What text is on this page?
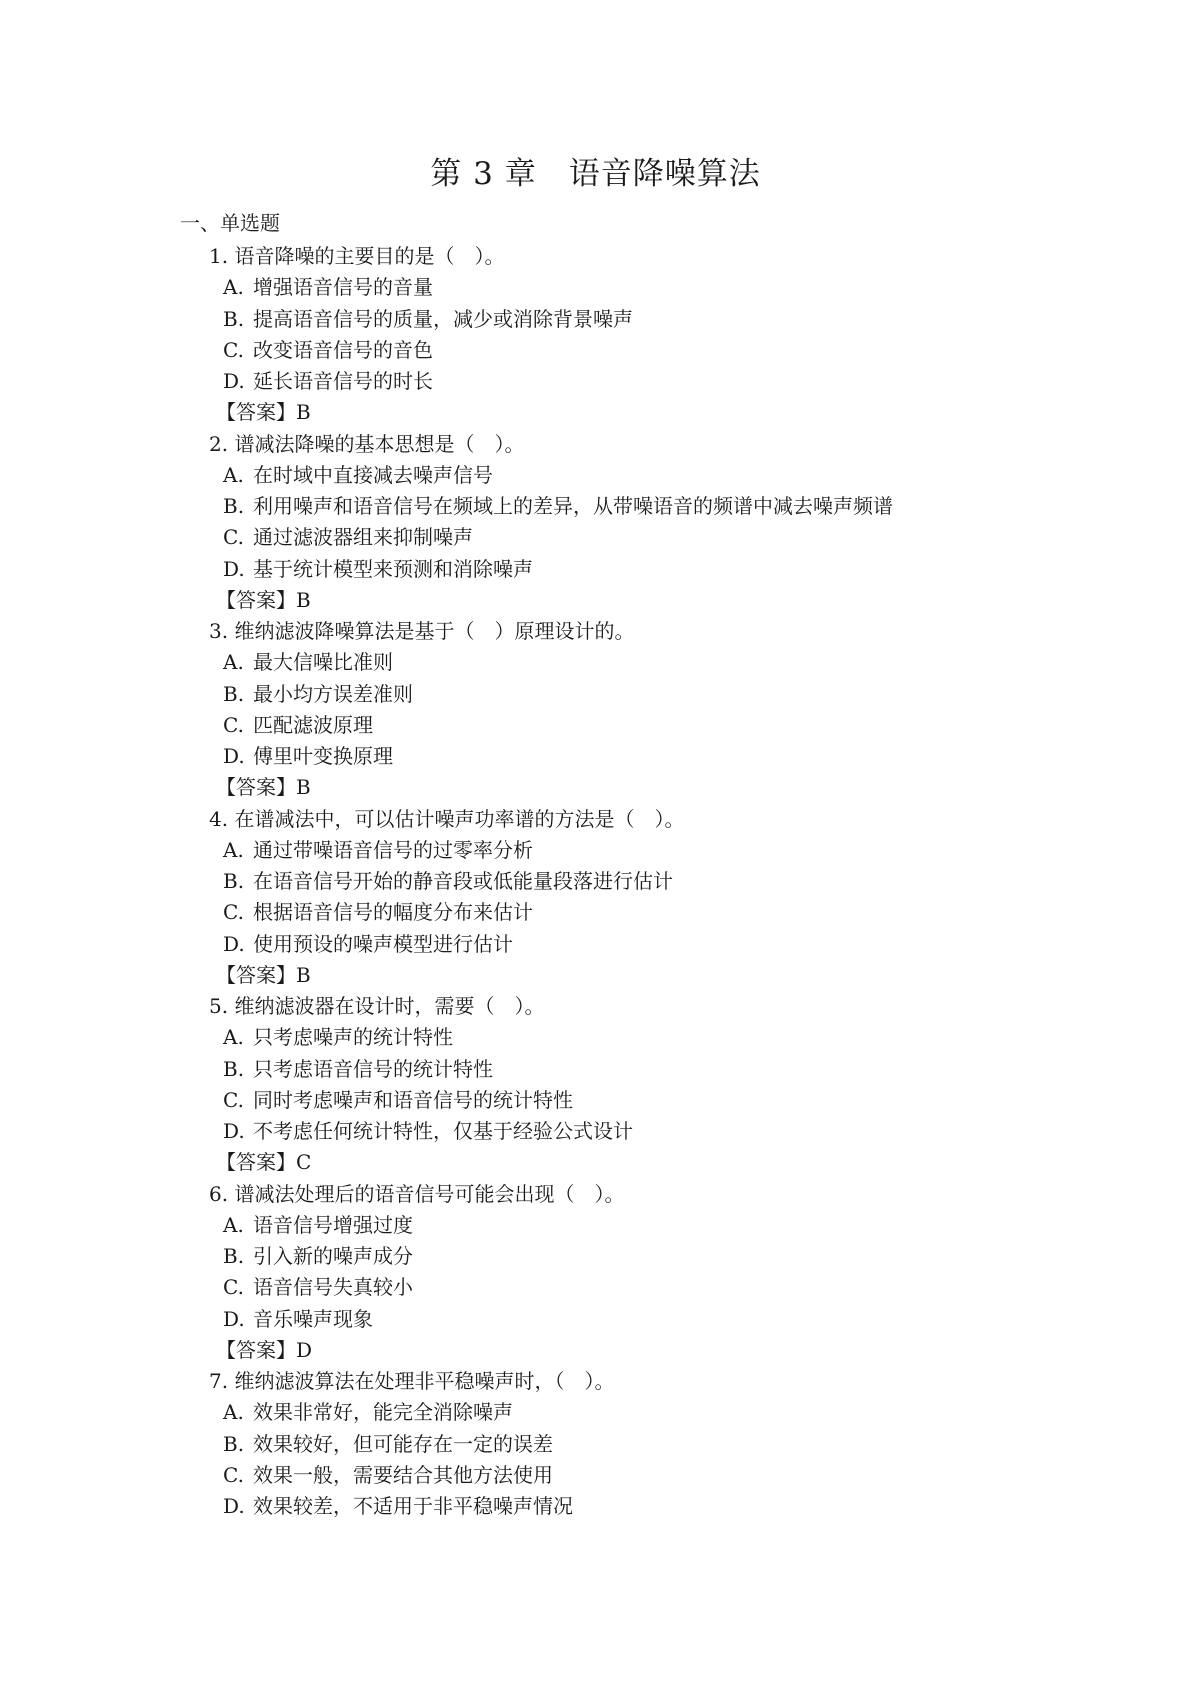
第 3 章　语音降噪算法
一、单选题
1. 语音降噪的主要目的是（　）。
A. 增强语音信号的音量
B. 提高语音信号的质量，减少或消除背景噪声
C. 改变语音信号的音色
D. 延长语音信号的时长
【答案】B
2. 谱减法降噪的基本思想是（　）。
A. 在时域中直接减去噪声信号
B. 利用噪声和语音信号在频域上的差异，从带噪语音的频谱中减去噪声频谱
C. 通过滤波器组来抑制噪声
D. 基于统计模型来预测和消除噪声
【答案】B
3. 维纳滤波降噪算法是基于（　）原理设计的。
A. 最大信噪比准则
B. 最小均方误差准则
C. 匹配滤波原理
D. 傅里叶变换原理
【答案】B
4. 在谱减法中，可以估计噪声功率谱的方法是（　）。
A. 通过带噪语音信号的过零率分析
B. 在语音信号开始的静音段或低能量段落进行估计
C. 根据语音信号的幅度分布来估计
D. 使用预设的噪声模型进行估计
【答案】B
5. 维纳滤波器在设计时，需要（　）。
A. 只考虑噪声的统计特性
B. 只考虑语音信号的统计特性
C. 同时考虑噪声和语音信号的统计特性
D. 不考虑任何统计特性，仅基于经验公式设计
【答案】C
6. 谱减法处理后的语音信号可能会出现（　）。
A. 语音信号增强过度
B. 引入新的噪声成分
C. 语音信号失真较小
D. 音乐噪声现象
【答案】D
7. 维纳滤波算法在处理非平稳噪声时，（　）。
A. 效果非常好，能完全消除噪声
B. 效果较好，但可能存在一定的误差
C. 效果一般，需要结合其他方法使用
D. 效果较差，不适用于非平稳噪声情况
